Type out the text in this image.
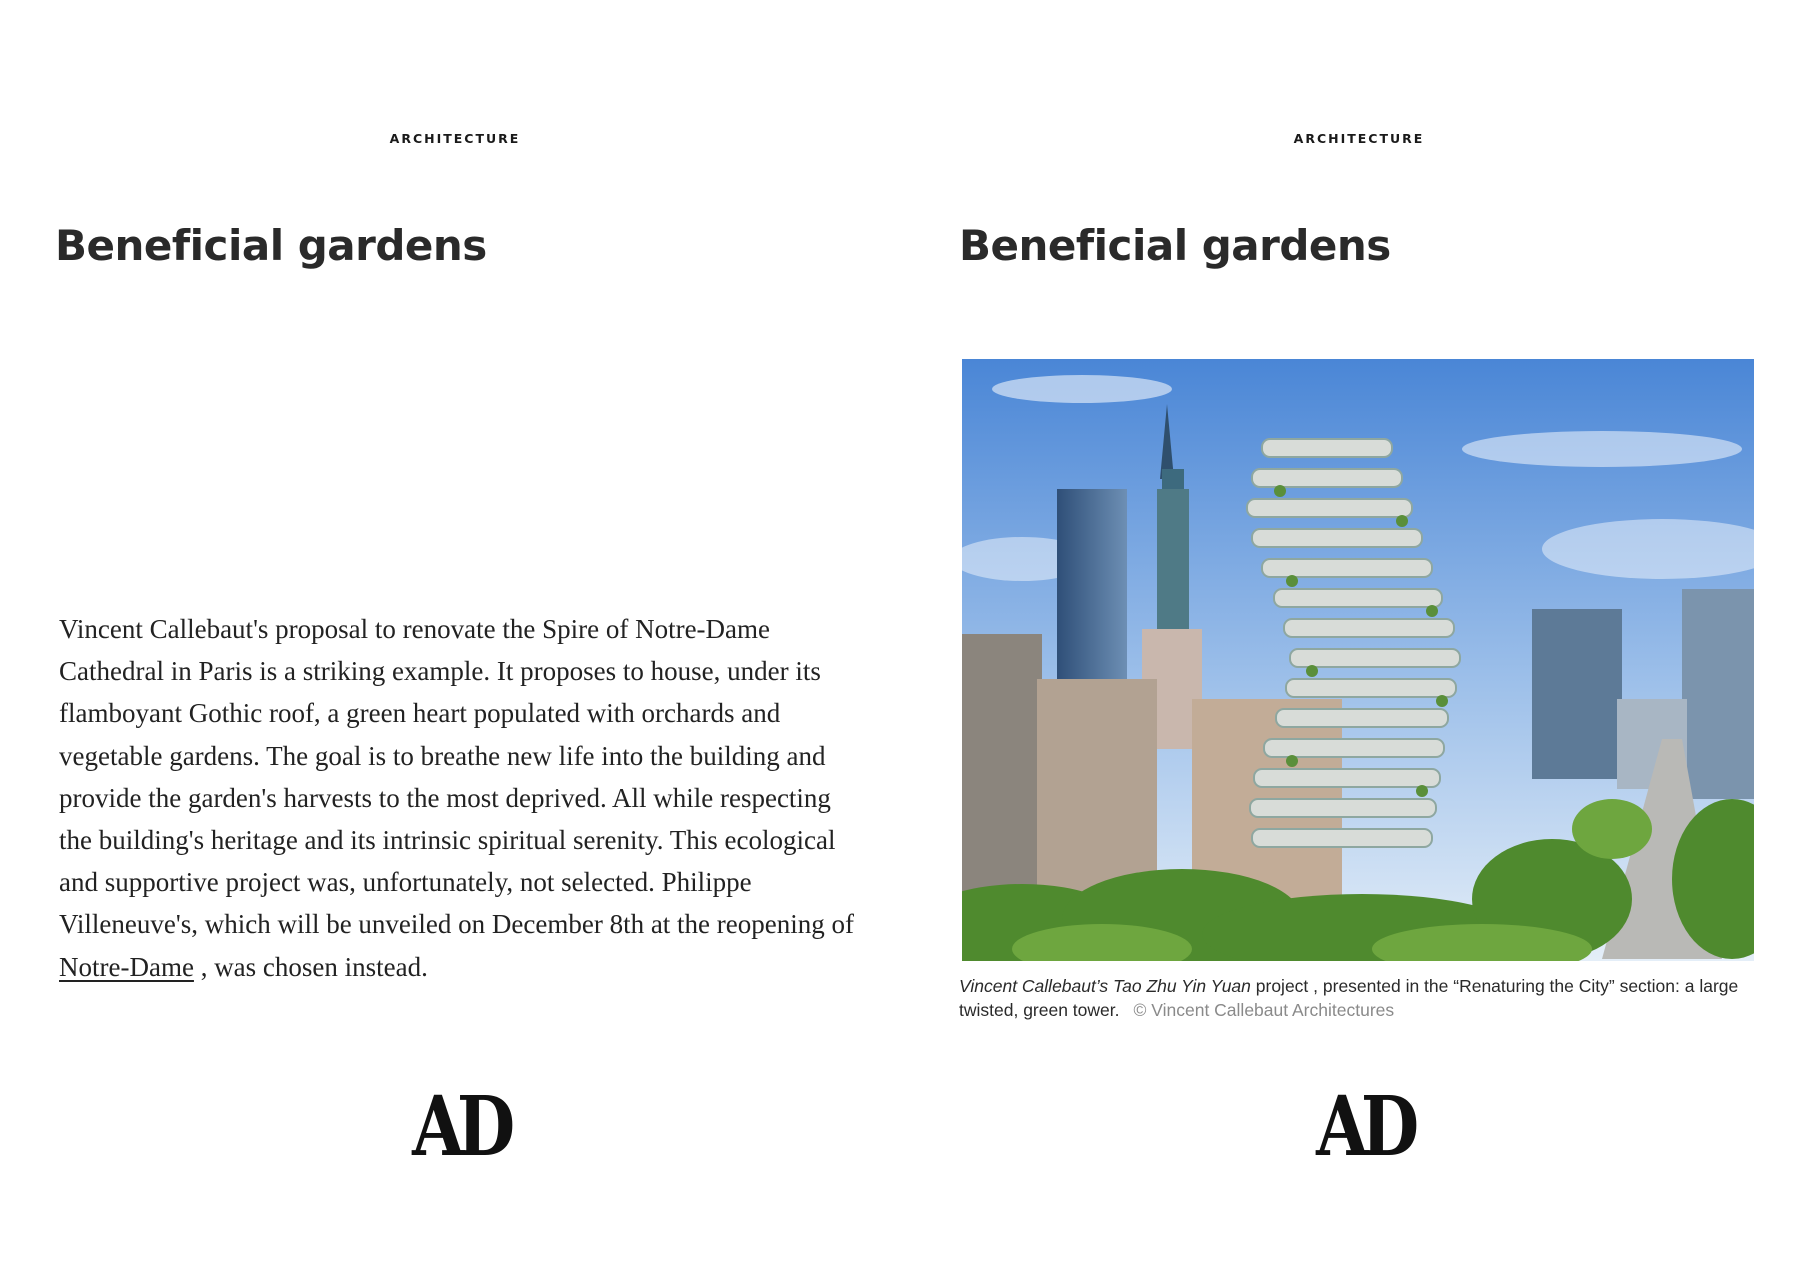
ARCHITECTURE
Beneficial gardens

Vincent Callebaut's proposal to renovate the Spire of Notre-Dame Cathedral in Paris is a striking example. It proposes to house, under its flamboyant Gothic roof, a green heart populated with orchards and vegetable gardens. The goal is to breathe new life into the building and provide the garden's harvests to the most deprived. All while respecting the building's heritage and its intrinsic spiritual serenity. This ecological and supportive project was, unfortunately, not selected. Philippe Villeneuve's, which will be unveiled on December 8th at the reopening of Notre-Dame , was chosen instead.

AD
ARCHITECTURE
Beneficial gardens

Vincent Callebaut’s Tao Zhu Yin Yuan project , presented in the “Renaturing the City” section: a large twisted, green tower. © Vincent Callebaut Architectures

AD
